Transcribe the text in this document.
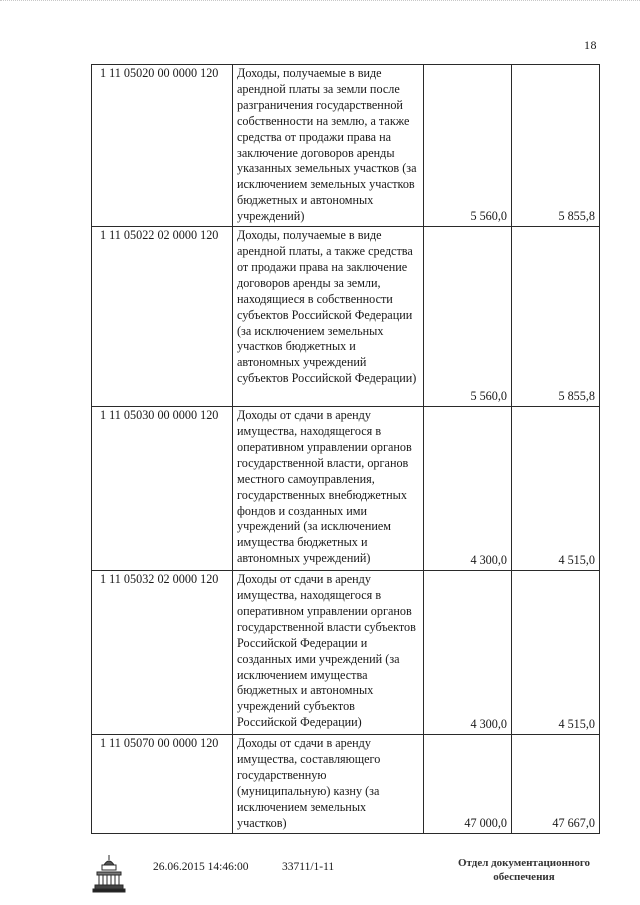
18
1 11 05020 00 0000 120	Доходы, получаемые в виде арендной платы за земли после разграничения государственной собственности на землю, а также средства от продажи права на заключение договоров аренды указанных земельных участков (за исключением земельных участков бюджетных и автономных учреждений)	5 560,0	5 855,8
1 11 05022 02 0000 120	Доходы, получаемые в виде арендной платы, а также средства от продажи права на заключение договоров аренды за земли, находящиеся в собственности субъектов Российской Федерации (за исключением земельных участков бюджетных и автономных учреждений субъектов Российской Федерации)	5 560,0	5 855,8
1 11 05030 00 0000 120	Доходы от сдачи в аренду имущества, находящегося в оперативном управлении органов государственной власти, органов местного самоуправления, государственных внебюджетных фондов и созданных ими учреждений (за исключением имущества бюджетных и автономных учреждений)	4 300,0	4 515,0
1 11 05032 02 0000 120	Доходы от сдачи в аренду имущества, находящегося в оперативном управлении органов государственной власти субъектов Российской Федерации и созданных ими учреждений (за исключением имущества бюджетных и автономных учреждений субъектов Российской Федерации)	4 300,0	4 515,0
1 11 05070 00 0000 120	Доходы от сдачи в аренду имущества, составляющего государственную (муниципальную) казну (за исключением земельных участков)	47 000,0	47 667,0
26.06.2015 14:46:00	33711/1-11	Отдел документационного
обеспечения
